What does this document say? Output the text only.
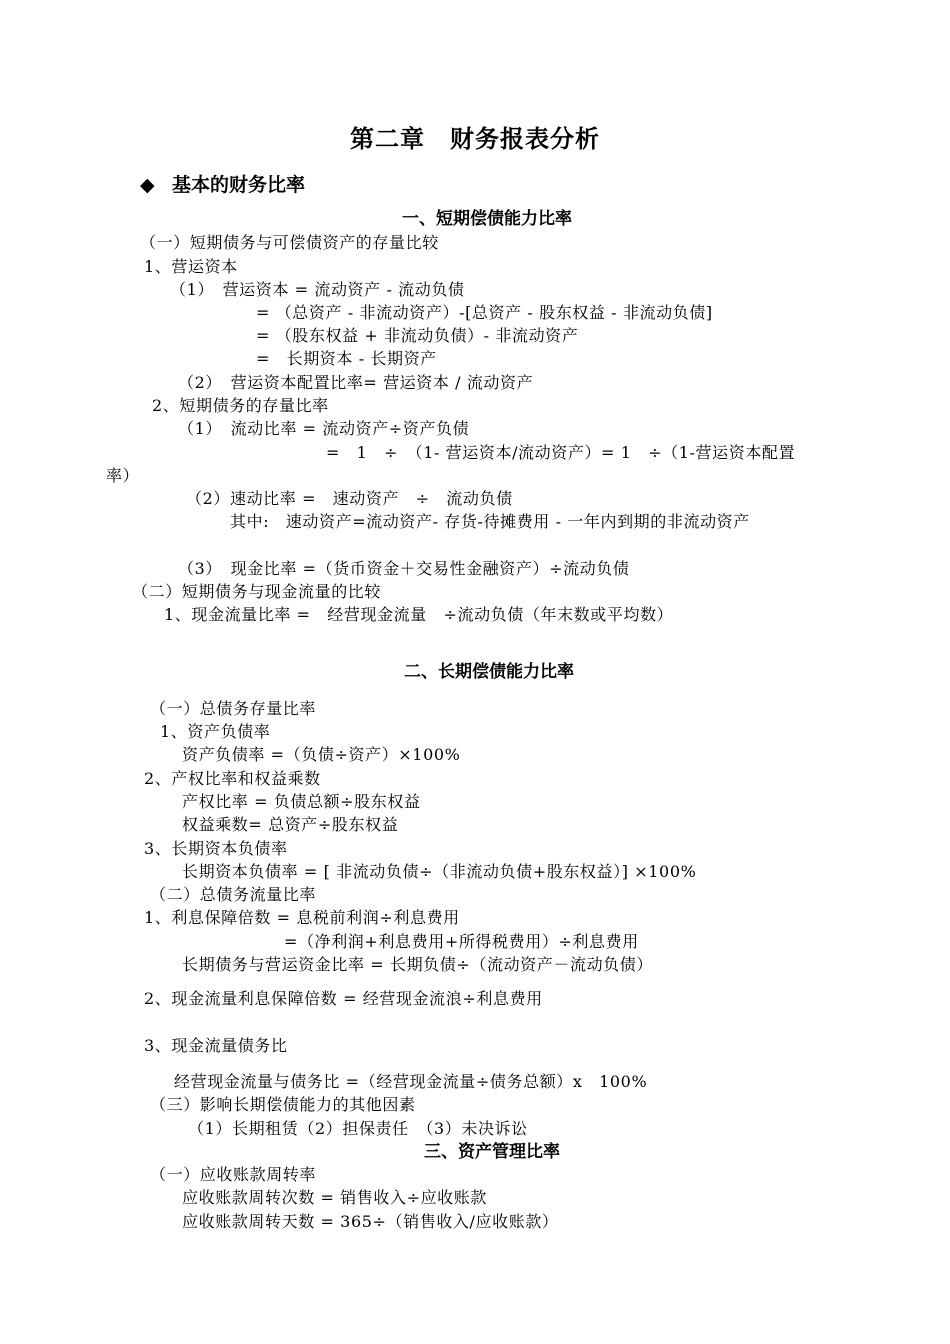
第二章　财务报表分析
◆ 基本的财务比率
一、短期偿债能力比率
（一）短期债务与可偿债资产的存量比较
1、营运资本
（1）　营运资本 = 流动资产 - 流动负债
= （总资产 - 非流动资产）-[总资产 - 股东权益 - 非流动负债]
= （股东权益 + 非流动负债）- 非流动资产
=　长期资本 - 长期资产
（2）　营运资本配置比率= 营运资本 / 流动资产
2、短期债务的存量比率
（1）　流动比率 = 流动资产÷资产负债
=　1　÷　（1- 营运资本/流动资产）= 1　÷（1-营运资本配置
率）
（2）速动比率 =　速动资产　÷　流动负债
其中:　速动资产=流动资产- 存货-待摊费用 - 一年内到期的非流动资产
（3）　现金比率 =（货币资金＋交易性金融资产）÷流动负债
（二）短期债务与现金流量的比较
1、现金流量比率 =　经营现金流量　÷流动负债（年末数或平均数）
二、长期偿债能力比率
（一）总债务存量比率
1、资产负债率
资产负债率 =（负债÷资产）×100%
2、产权比率和权益乘数
产权比率 = 负债总额÷股东权益
权益乘数= 总资产÷股东权益
3、长期资本负债率
长期资本负债率 = [ 非流动负债÷（非流动负债+股东权益）] ×100%
（二）总债务流量比率
1、利息保障倍数 = 息税前利润÷利息费用
=（净利润+利息费用+所得税费用）÷利息费用
长期债务与营运资金比率 = 长期负债÷（流动资产－流动负债）
2、现金流量利息保障倍数 = 经营现金流浪÷利息费用
3、现金流量债务比
经营现金流量与债务比 =（经营现金流量÷债务总额）x　100%
（三）影响长期偿债能力的其他因素
（1）长期租赁（2）担保责任　（3）未决诉讼
三、资产管理比率
（一）应收账款周转率
应收账款周转次数 = 销售收入÷应收账款
应收账款周转天数 = 365÷（销售收入/应收账款）
